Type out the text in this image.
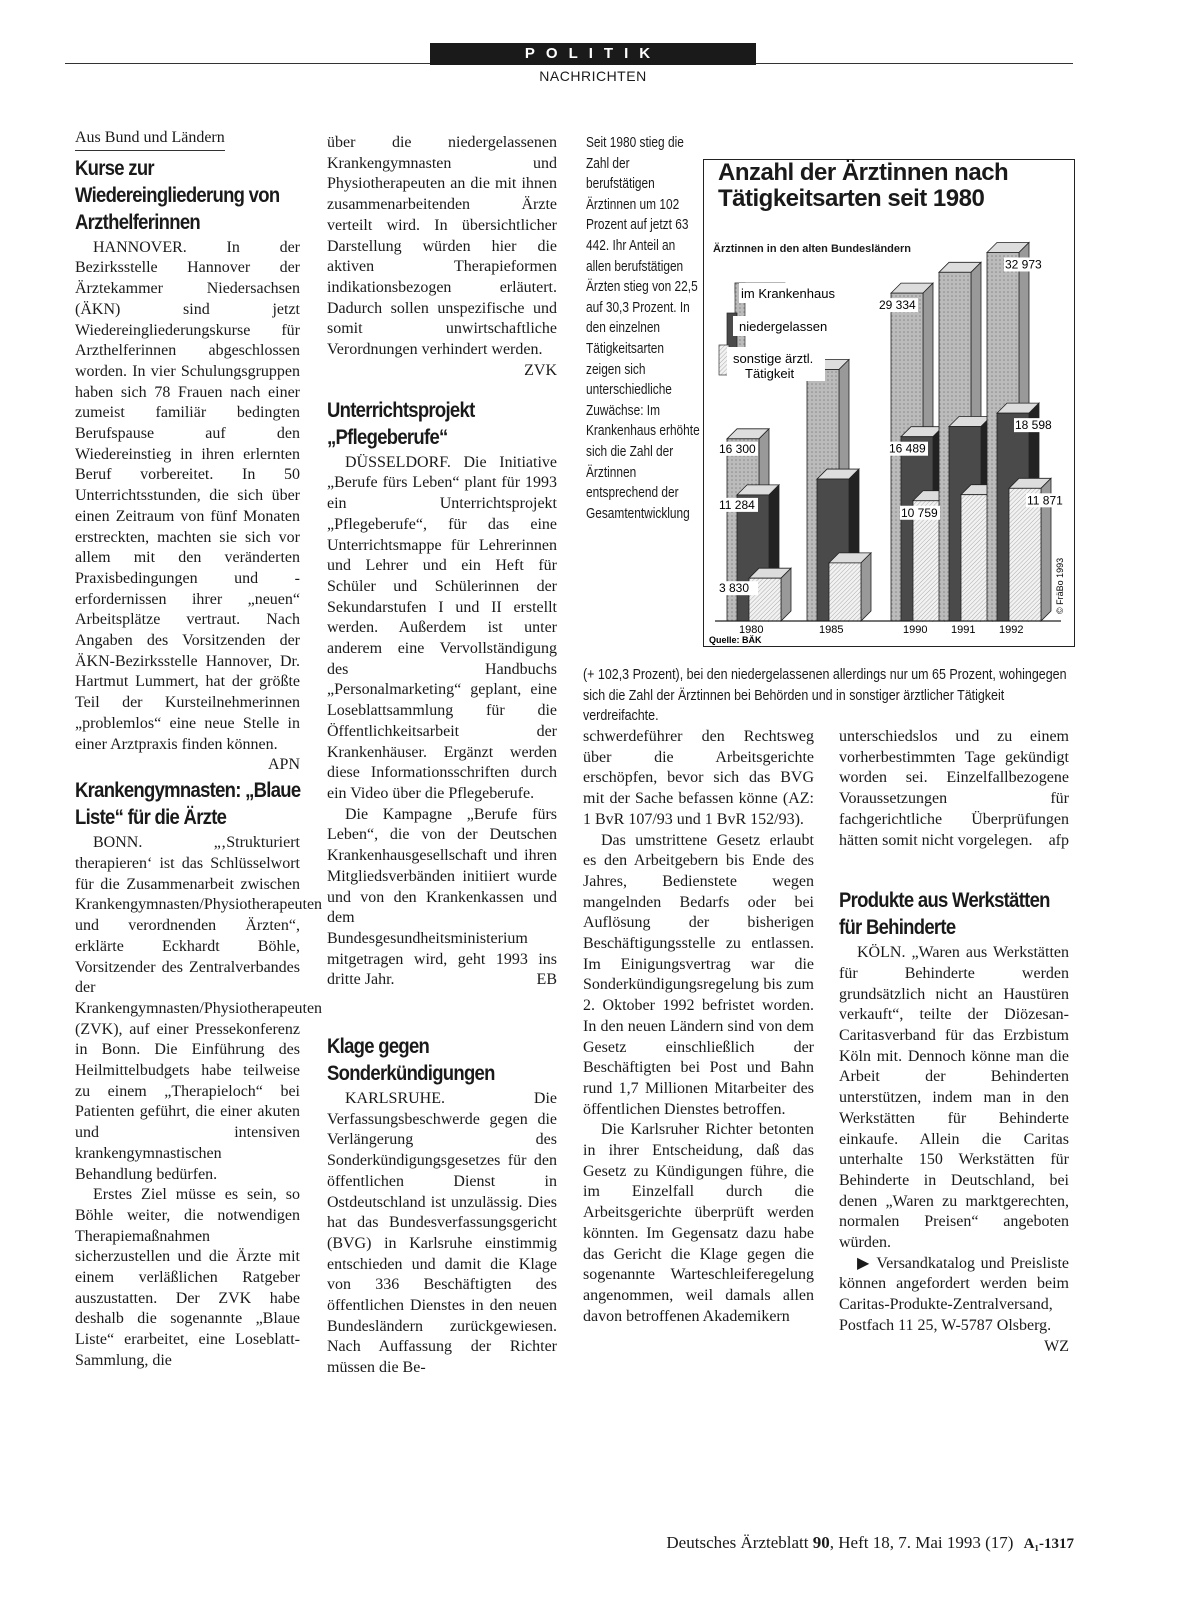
POLITIK
NACHRICHTEN
Aus Bund und Ländern
Kurse zur Wiedereingliederung von Arzthelferinnen

HANNOVER. In der Bezirksstelle Hannover der Ärztekammer Niedersachsen (ÄKN) sind jetzt Wiedereingliederungskurse für Arzthelferinnen abgeschlossen worden. In vier Schulungsgruppen haben sich 78 Frauen nach einer zumeist familiär bedingten Berufspause auf den Wiedereinstieg in ihren erlernten Beruf vorbereitet. In 50 Unterrichtsstunden, die sich über einen Zeitraum von fünf Monaten erstreckten, machten sie sich vor allem mit den veränderten Praxisbedingungen und -erfordernissen ihrer „neuen“ Arbeitsplätze vertraut. Nach Angaben des Vorsitzenden der ÄKN-Bezirksstelle Hannover, Dr. Hartmut Lummert, hat der größte Teil der Kursteilnehmerinnen „problemlos“ eine neue Stelle in einer Arztpraxis finden können.
APN

Krankengymnasten: „Blaue Liste“ für die Ärzte

BONN. „‚Strukturiert therapieren‘ ist das Schlüsselwort für die Zusammenarbeit zwischen Krankengymnasten/Physiotherapeuten und verordnenden Ärzten“, erklärte Eckhardt Böhle, Vorsitzender des Zentralverbandes der Krankengymnasten/Physiotherapeuten (ZVK), auf einer Pressekonferenz in Bonn. Die Einführung des Heilmittelbudgets habe teilweise zu einem „Therapieloch“ bei Patienten geführt, die einer akuten und intensiven krankengymnastischen Behandlung bedürfen.

Erstes Ziel müsse es sein, so Böhle weiter, die notwendigen Therapiemaßnahmen sicherzustellen und die Ärzte mit einem verläßlichen Ratgeber auszustatten. Der ZVK habe deshalb die sogenannte „Blaue Liste“ erarbeitet, eine Loseblatt-Sammlung, die

über die niedergelassenen Krankengymnasten und Physiotherapeuten an die mit ihnen zusammenarbeitenden Ärzte verteilt wird. In übersichtlicher Darstellung würden hier die aktiven Therapieformen indikationsbezogen erläutert. Dadurch sollen unspezifische und somit unwirtschaftliche Verordnungen verhindert werden.
ZVK

Unterrichtsprojekt „Pflegeberufe“

DÜSSELDORF. Die Initiative „Berufe fürs Leben“ plant für 1993 ein Unterrichtsprojekt „Pflegeberufe“, für das eine Unterrichtsmappe für Lehrerinnen und Lehrer und ein Heft für Schüler und Schülerinnen der Sekundarstufen I und II erstellt werden. Außerdem ist unter anderem eine Vervollständigung des Handbuchs „Personalmarketing“ geplant, eine Loseblattsammlung für die Öffentlichkeitsarbeit der Krankenhäuser. Ergänzt werden diese Informationsschriften durch ein Video über die Pflegeberufe.

Die Kampagne „Berufe fürs Leben“, die von der Deutschen Krankenhausgesellschaft und ihren Mitgliedsverbänden initiiert wurde und von den Krankenkassen und dem Bundesgesundheitsministerium mitgetragen wird, geht 1993 ins dritte Jahr.	EB

Klage gegen Sonderkündigungen

KARLSRUHE. Die Verfassungsbeschwerde gegen die Verlängerung des Sonderkündigungsgesetzes für den öffentlichen Dienst in Ostdeutschland ist unzulässig. Dies hat das Bundesverfassungsgericht (BVG) in Karlsruhe einstimmig entschieden und damit die Klage von 336 Beschäftigten des öffentlichen Dienstes in den neuen Bundesländern zurückgewiesen. Nach Auffassung der Richter müssen die Be-

Seit 1980 stieg die Zahl der berufstätigen Ärztinnen um 102 Prozent auf jetzt 63 442. Ihr Anteil an allen berufstätigen Ärzten stieg von 22,5 auf 30,3 Prozent. In den einzelnen Tätigkeitsarten zeigen sich unterschiedliche Zuwächse: Im Krankenhaus erhöhte sich die Zahl der Ärztinnen entsprechend der Gesamtentwicklung
Anzahl der Ärztinnen nach Tätigkeitsarten seit 1980
Ärztinnen in den alten Bundesländern
1980	1985	1990 1991 1992
Quelle: BÄK
© FräBo 1993
im Krankenhaus
niedergelassen
sonstige ärztl. Tätigkeit
3 830
11 284
16 300
10 759
16 489
29 334
11 871
18 598
32 973
(+ 102,3 Prozent), bei den niedergelassenen allerdings nur um 65 Prozent, wohingegen sich die Zahl der Ärztinnen bei Behörden und in sonstiger ärztlicher Tätigkeit verdreifachte.

schwerdeführer den Rechtsweg über die Arbeitsgerichte erschöpfen, bevor sich das BVG mit der Sache befassen könne (AZ: 1 BvR 107/93 und 1 BvR 152/93).

Das umstrittene Gesetz erlaubt es den Arbeitgebern bis Ende des Jahres, Bedienstete wegen mangelnden Bedarfs oder bei Auflösung der bisherigen Beschäftigungsstelle zu entlassen. Im Einigungsvertrag war die Sonderkündigungsregelung bis zum 2. Oktober 1992 befristet worden. In den neuen Ländern sind von dem Gesetz einschließlich der Beschäftigten bei Post und Bahn rund 1,7 Millionen Mitarbeiter des öffentlichen Dienstes betroffen.

Die Karlsruher Richter betonten in ihrer Entscheidung, daß das Gesetz zu Kündigungen führe, die im Einzelfall durch die Arbeitsgerichte überprüft werden könnten. Im Gegensatz dazu habe das Gericht die Klage gegen die sogenannte Warteschleiferegelung angenommen, weil damals allen davon betroffenen Akademikern

unterschiedslos und zu einem vorherbestimmten Tage gekündigt worden sei. Einzelfallbezogene Voraussetzungen für fachgerichtliche Überprüfungen hätten somit nicht vorgelegen. afp

Produkte aus Werkstätten für Behinderte

KÖLN. „Waren aus Werkstätten für Behinderte werden grundsätzlich nicht an Haustüren verkauft“, teilte der Diözesan-Caritasverband für das Erzbistum Köln mit. Dennoch könne man die Arbeit der Behinderten unterstützen, indem man in den Werkstätten für Behinderte einkaufe. Allein die Caritas unterhalte 150 Werkstätten für Behinderte in Deutschland, bei denen „Waren zu marktgerechten, normalen Preisen“ angeboten würden.

▶ Versandkatalog und Preisliste können angefordert werden beim Caritas-Produkte-Zentralversand, Postfach 11 25, W-5787 Olsberg.
WZ

Deutsches Ärzteblatt 90, Heft 18, 7. Mai 1993 (17) A₁-1317
